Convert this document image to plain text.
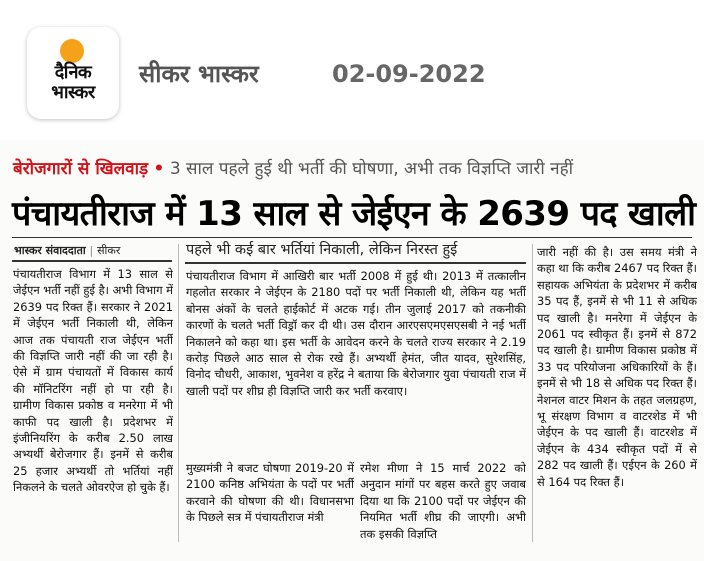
दैनिक
भास्कर
सीकर भास्कर	02-09-2022
बेरोजगारों से खिलवाड़ • 3 साल पहले हुई थी भर्ती की घोषणा, अभी तक विज्ञप्ति जारी नहीं
पंचायतीराज में 13 साल से जेईएन के 2639 पद खाली
भास्कर संवाददाता | सीकर
पंचायतीराज विभाग में 13 साल से जेईएन भर्ती नहीं हुई है। अभी विभाग में 2639 पद रिक्त हैं। सरकार ने 2021 में जेईएन भर्ती निकाली थी, लेकिन आज तक पंचायती राज जेईएन भर्ती की विज्ञप्ति जारी नहीं की जा रही है। ऐसे में ग्राम पंचायतों में विकास कार्य की मॉनिटरिंग नहीं हो पा रही है। ग्रामीण विकास प्रकोष्ठ व मनरेगा में भी काफी पद खाली है। प्रदेशभर में इंजीनियरिंग के करीब 2.50 लाख अभ्यर्थी बेरोजगार हैं। इनमें से करीब 25 हजार अभ्यर्थी तो भर्तियां नहीं निकलने के चलते ओवरऐज हो चुके हैं।
पहले भी कई बार भर्तियां निकाली, लेकिन निरस्त हुई
पंचायतीराज विभाग में आखिरी बार भर्ती 2008 में हुई थी। 2013 में तत्कालीन गहलोत सरकार ने जेईएन के 2180 पदों पर भर्ती निकाली थी, लेकिन यह भर्ती बोनस अंकों के चलते हाईकोर्ट में अटक गई। तीन जुलाई 2017 को तकनीकी कारणों के चलते भर्ती विड्रॉ कर दी थी। उस दौरान आरएसएमएसएसबी ने नई भर्ती निकालने को कहा था। इस भर्ती के आवेदन करने के चलते राज्य सरकार ने 2.19 करोड़ पिछले आठ साल से रोक रखे हैं। अभ्यर्थी हेमंत, जीत यादव, सुरेशसिंह, विनोद चौधरी, आकाश, भुवनेश व हरेंद्र ने बताया कि बेरोजगार युवा पंचायती राज में खाली पदों पर शीघ्र ही विज्ञप्ति जारी कर भर्ती करवाए।
मुख्यमंत्री ने बजट घोषणा 2019-20 में 2100 कनिष्ठ अभियंता के पदों पर भर्ती करवाने की घोषणा की थी। विधानसभा के पिछले सत्र में पंचायतीराज मंत्री
रमेश मीणा ने 15 मार्च 2022 को अनुदान मांगों पर बहस करते हुए जवाब दिया था कि 2100 पदों पर जेईएन की नियमित भर्ती शीघ्र की जाएगी। अभी तक इसकी विज्ञप्ति
जारी नहीं की है। उस समय मंत्री ने कहा था कि करीब 2467 पद रिक्त हैं। सहायक अभियंता के प्रदेशभर में करीब 35 पद हैं, इनमें से भी 11 से अधिक पद खाली है। मनरेगा में जेईएन के 2061 पद स्वीकृत हैं। इनमें से 872 पद खाली है। ग्रामीण विकास प्रकोष्ठ में 33 पद परियोजना अधिकारियों के हैं। इनमें से भी 18 से अधिक पद रिक्त हैं। नेशनल वाटर मिशन के तहत जलग्रहण, भू संरक्षण विभाग व वाटरशेड में भी जेईएन के पद खाली हैं। वाटरशेड में जेईएन के 434 स्वीकृत पदों में से 282 पद खाली हैं। एईएन के 260 में से 164 पद रिक्त हैं।
